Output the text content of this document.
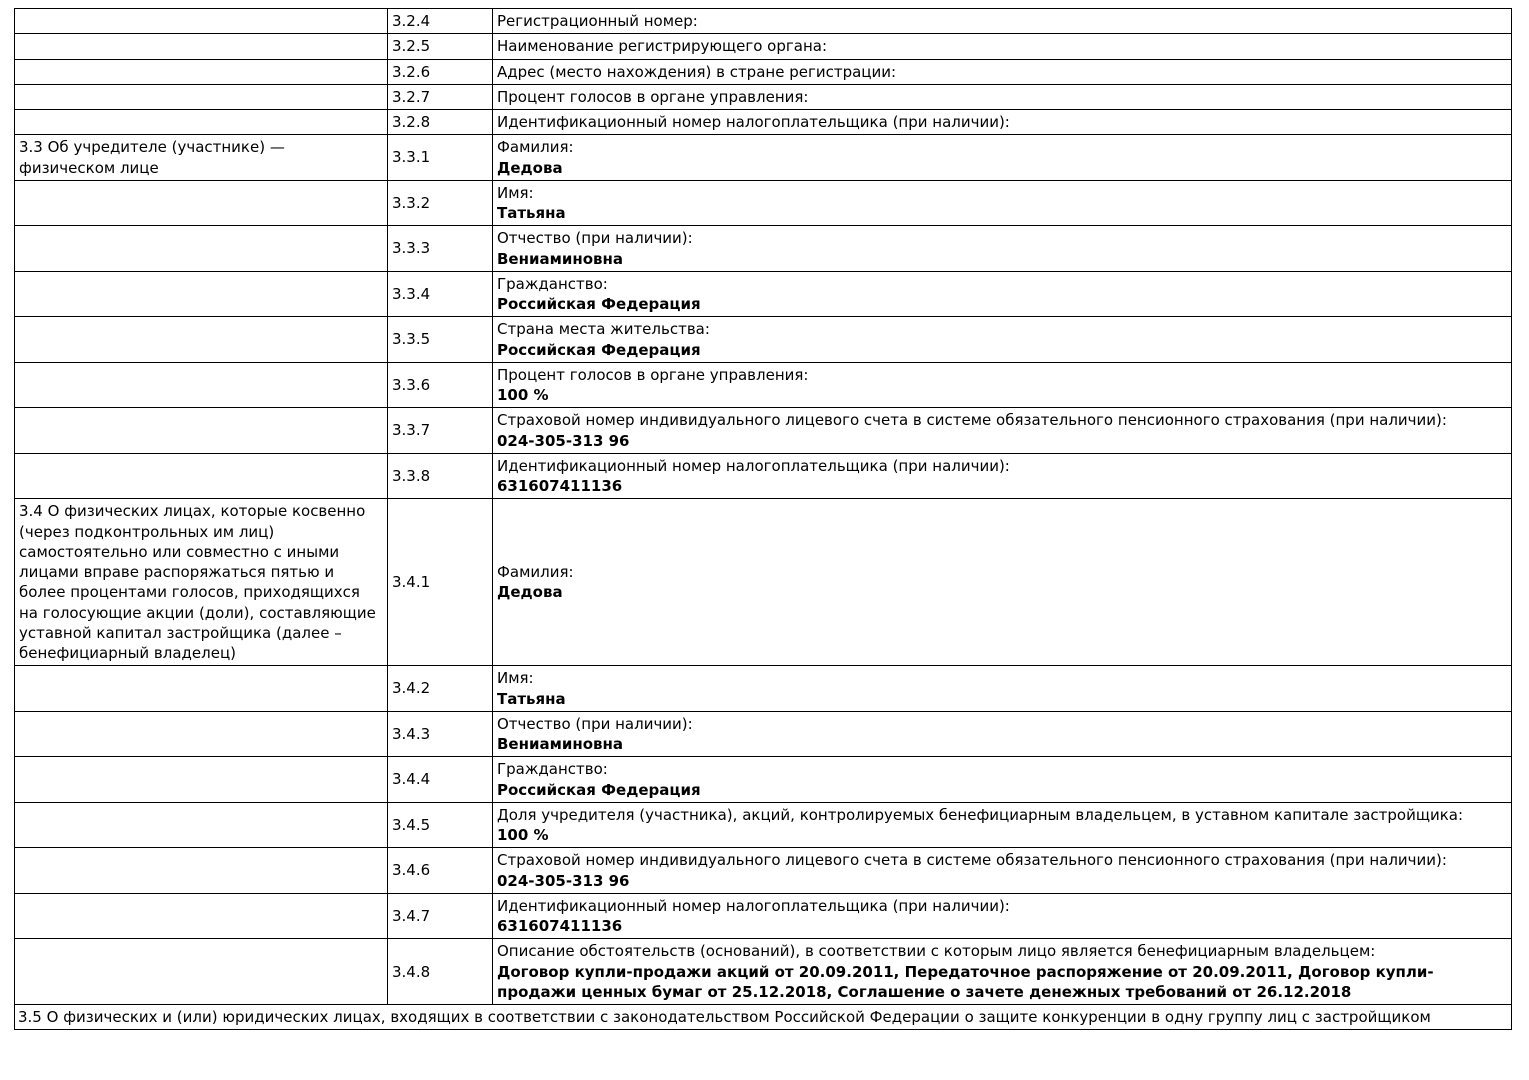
	3.2.4	Регистрационный номер:

	3.2.5	Наименование регистрирующего органа:

	3.2.6	Адрес (место нахождения) в стране регистрации:

	3.2.7	Процент голосов в органе управления:

	3.2.8	Идентификационный номер налогоплательщика (при наличии):

3.3 Об учредителе (участнике) — физическом лице	3.3.1	Фамилия:
Дедова

	3.3.2	Имя:
Татьяна

	3.3.3	Отчество (при наличии):
Вениаминовна

	3.3.4	Гражданство:
Российская Федерация

	3.3.5	Страна места жительства:
Российская Федерация

	3.3.6	Процент голосов в органе управления:
100 %

	3.3.7	Страховой номер индивидуального лицевого счета в системе обязательного пенсионного страхования (при наличии):
024-305-313 96

	3.3.8	Идентификационный номер налогоплательщика (при наличии):
631607411136

3.4 О физических лицах, которые косвенно (через подконтрольных им лиц) самостоятельно или совместно с иными лицами вправе распоряжаться пятью и более процентами голосов, приходящихся на голосующие акции (доли), составляющие уставной капитал застройщика (далее – бенефициарный владелец)	3.4.1	Фамилия:
Дедова

	3.4.2	Имя:
Татьяна

	3.4.3	Отчество (при наличии):
Вениаминовна

	3.4.4	Гражданство:
Российская Федерация

	3.4.5	Доля учредителя (участника), акций, контролируемых бенефициарным владельцем, в уставном капитале застройщика:
100 %

	3.4.6	Страховой номер индивидуального лицевого счета в системе обязательного пенсионного страхования (при наличии):
024-305-313 96

	3.4.7	Идентификационный номер налогоплательщика (при наличии):
631607411136

	3.4.8	Описание обстоятельств (оснований), в соответствии с которым лицо является бенефициарным владельцем:
Договор купли-продажи акций от 20.09.2011, Передаточное распоряжение от 20.09.2011, Договор купли-продажи ценных бумаг от 25.12.2018, Соглашение о зачете денежных требований от 26.12.2018

3.5 О физических и (или) юридических лицах, входящих в соответствии с законодательством Российской Федерации о защите конкуренции в одну группу лиц с застройщиком		
